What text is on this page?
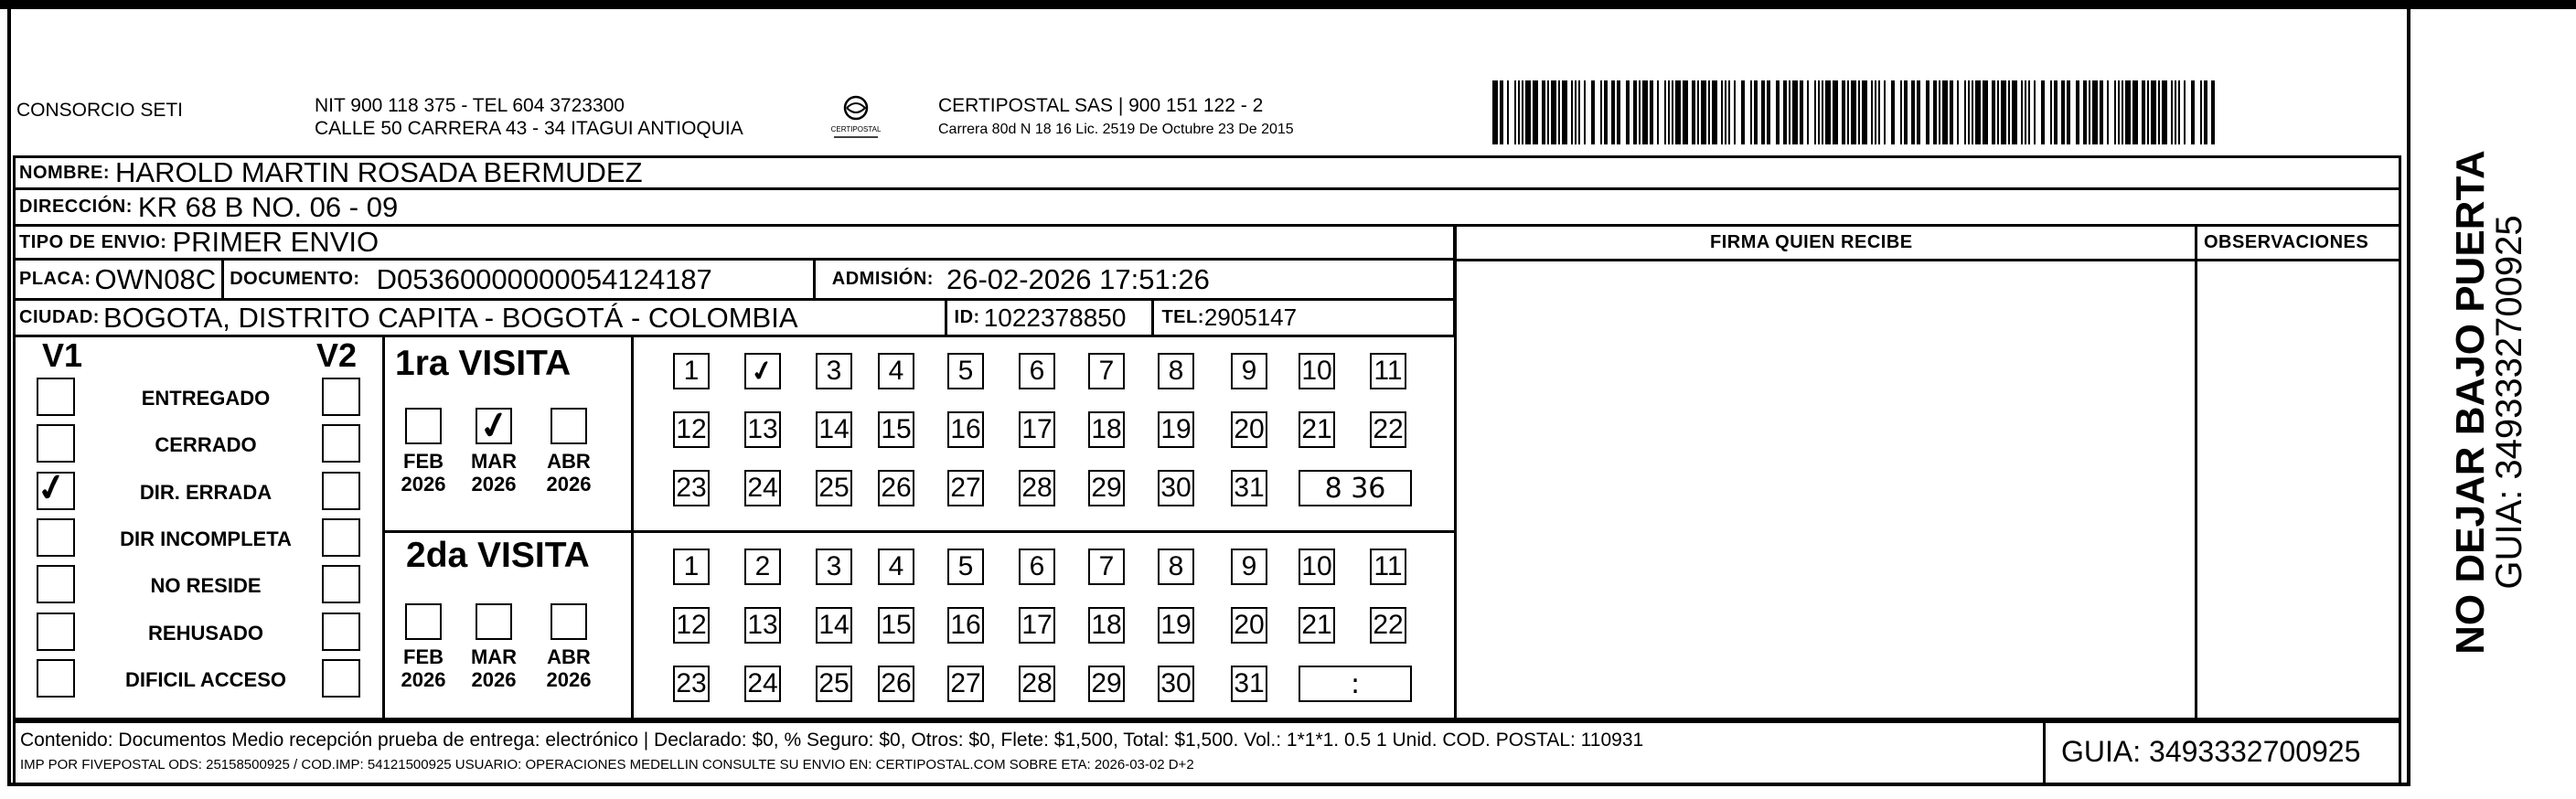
CONSORCIO SETI	NIT 900 118 375 - TEL 604 3723300
CALLE 50 CARRERA 43 - 34 ITAGUI ANTIOQUIA	CERTIPOSTAL
CERTIPOSTAL SAS | 900 151 122 - 2
Carrera 80d N 18 16 Lic. 2519 De Octubre 23 De 2015
NOMBRE: HAROLD MARTIN ROSADA BERMUDEZ
DIRECCIÓN: KR 68 B NO. 06 - 09
TIPO DE ENVIO: PRIMER ENVIO
PLACA: OWN08C DOCUMENTO: D05360000000054124187	ADMISIÓN: 26-02-2026 17:51:26
CIUDAD: BOGOTA, DISTRITO CAPITA - BOGOTÁ - COLOMBIA	ID: 1022378850 TEL: 2905147
FIRMA QUIEN RECIBE	OBSERVACIONES
V1	V2
ENTREGADO
CERRADO
DIR. ERRADA
✓
DIR INCOMPLETA
NO RESIDE
REHUSADO
DIFICIL ACCESO
1ra VISITA
2da VISITA
1	✓	3	4	5	6	7	8	9	10 11
12 13 14 15 16 17 18 19 20 21 22
23 24 25 26 27 28 29 30 31	8 36
FEB
2026
✓
MAR
2026
ABR
2026
1	2	3	4	5	6	7	8	9	10 11
12 13 14 15 16 17 18 19 20 21 22
23 24 25 26 27 28 29 30 31	:
FEB
2026
MAR
2026
ABR
2026
Contenido: Documentos Medio recepción prueba de entrega: electrónico | Declarado: $0, % Seguro: $0, Otros: $0, Flete: $1,500, Total: $1,500. Vol.: 1*1*1. 0.5 1 Unid. COD. POSTAL: 110931
IMP POR FIVEPOSTAL ODS: 25158500925 / COD.IMP: 54121500925 USUARIO: OPERACIONES MEDELLIN CONSULTE SU ENVIO EN: CERTIPOSTAL.COM SOBRE ETA: 2026-03-02 D+2	GUIA: 3493332700925
NO DEJAR BAJO PUERTA
GUIA: 3493332700925
